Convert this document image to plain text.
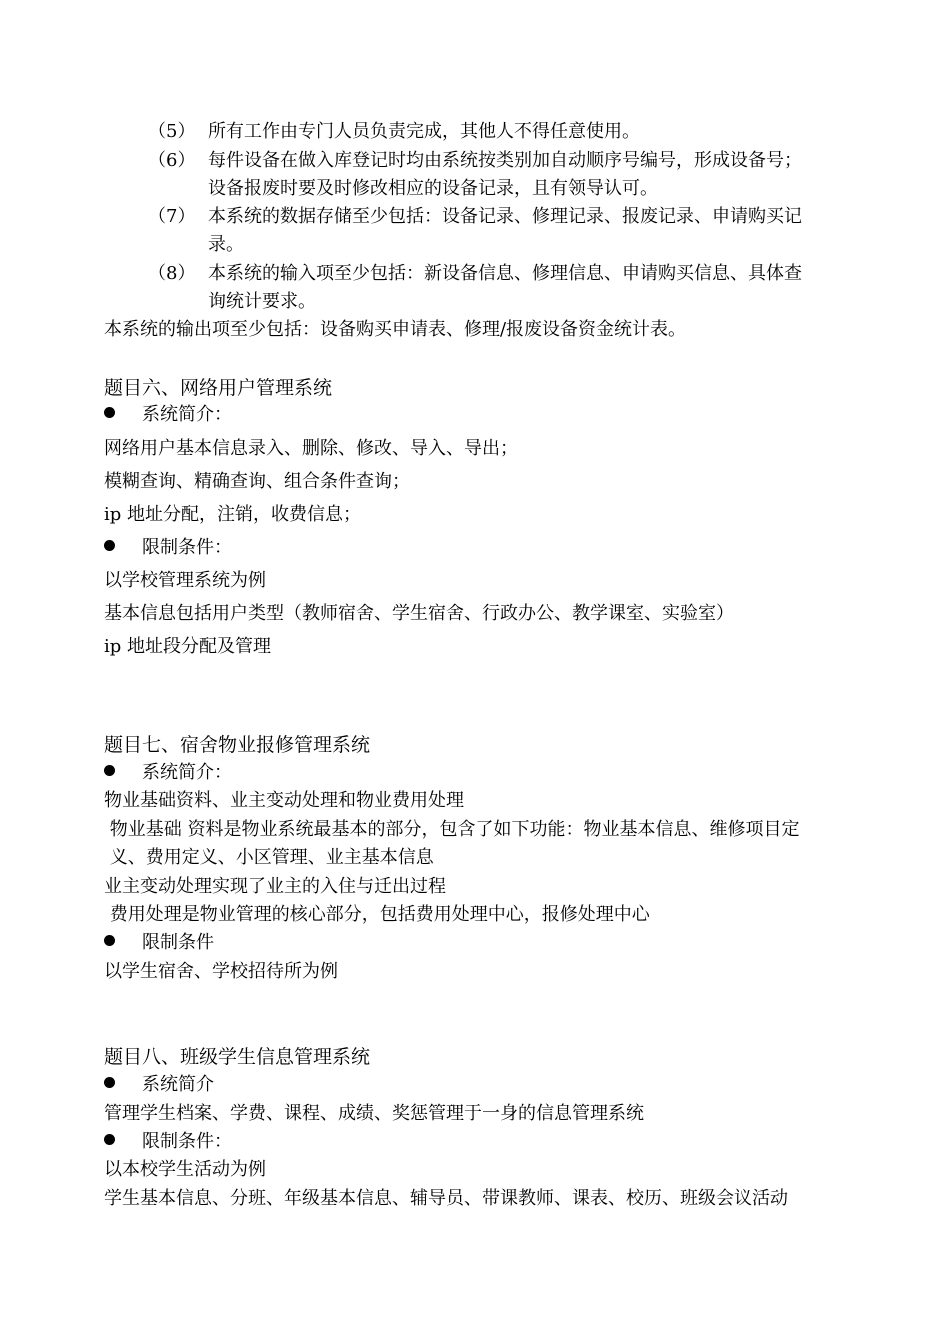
（5） 所有工作由专门人员负责完成，其他人不得任意使用。
（6） 每件设备在做入库登记时均由系统按类别加自动顺序号编号，形成设备号；
设备报废时要及时修改相应的设备记录，且有领导认可。
（7） 本系统的数据存储至少包括：设备记录、修理记录、报废记录、申请购买记
录。
（8） 本系统的输入项至少包括：新设备信息、修理信息、申请购买信息、具体查
询统计要求。
本系统的输出项至少包括：设备购买申请表、修理/报废设备资金统计表。
题目六、网络用户管理系统
系统简介：
网络用户基本信息录入、删除、修改、导入、导出；
模糊查询、精确查询、组合条件查询；
ip 地址分配，注销，收费信息；
限制条件：
以学校管理系统为例
基本信息包括用户类型（教师宿舍、学生宿舍、行政办公、教学课室、实验室）
ip 地址段分配及管理
题目七、宿舍物业报修管理系统
系统简介：
物业基础资料、业主变动处理和物业费用处理
物业基础 资料是物业系统最基本的部分，包含了如下功能：物业基本信息、维修项目定
义、费用定义、小区管理、业主基本信息
业主变动处理实现了业主的入住与迁出过程
费用处理是物业管理的核心部分，包括费用处理中心，报修处理中心
限制条件
以学生宿舍、学校招待所为例
题目八、班级学生信息管理系统
系统简介
管理学生档案、学费、课程、成绩、奖惩管理于一身的信息管理系统
限制条件：
以本校学生活动为例
学生基本信息、分班、年级基本信息、辅导员、带课教师、课表、校历、班级会议活动
